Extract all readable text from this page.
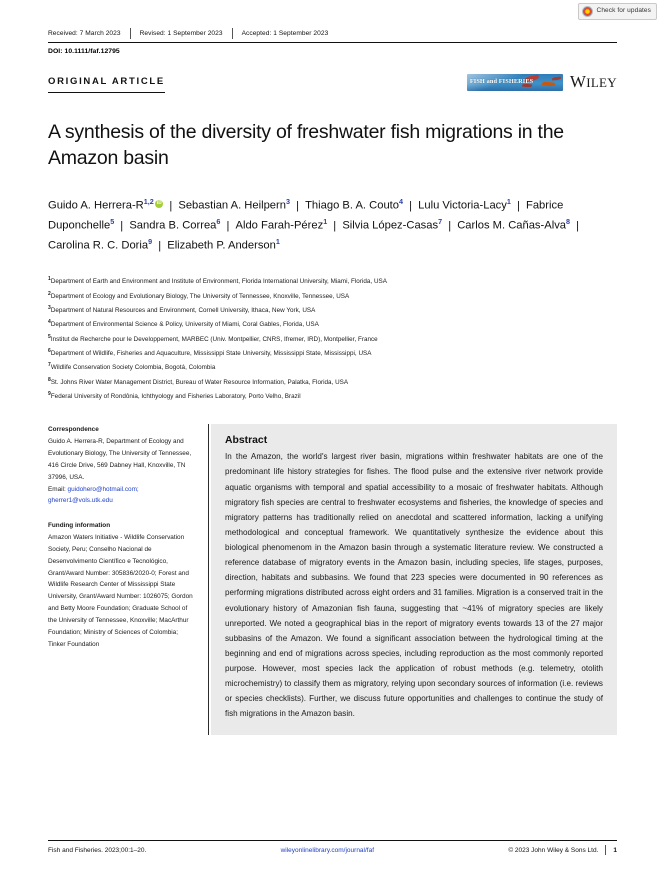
Check for updates
Received: 7 March 2023	Revised: 1 September 2023	Accepted: 1 September 2023
DOI: 10.1111/faf.12795
ORIGINAL ARTICLE	FISH and FISHERIES WILEY
A synthesis of the diversity of freshwater fish migrations in the Amazon basin
Guido A. Herrera-$R^{1,2}iD$ | Sebastian A. Heilpern$^3$ | Thiago B. A. Couto$^4$ | Lulu Victoria-Lacy$^1$ | Fabrice Duponchelle$^5$ | Sandra B. Correa$^6$ | Aldo Farah-Pérez$^1$ | Silvia López-Casas$^7$ | Carlos M. Cañas-Alva$^8$ | Carolina R. C. Doria$^9$ | Elizabeth P. Anderson$^1$
$^1$Department of Earth and Environment and Institute of Environment, Florida International University, Miami, Florida, USA
$^2$Department of Ecology and Evolutionary Biology, The University of Tennessee, Knoxville, Tennessee, USA
$^3$Department of Natural Resources and Environment, Cornell University, Ithaca, New York, USA
$^4$Department of Environmental Science & Policy, University of Miami, Coral Gables, Florida, USA
$^5$Institut de Recherche pour le Developpement, MARBEC (Univ. Montpellier, CNRS, Ifremer, IRD), Montpellier, France
$^6$Department of Wildlife, Fisheries and Aquaculture, Mississippi State University, Mississippi State, Mississippi, USA
$^7$Wildlife Conservation Society Colombia, Bogotá, Colombia
$^8$St. Johns River Water Management District, Bureau of Water Resource Information, Palatka, Florida, USA
$^9$Federal University of Rondônia, Ichthyology and Fisheries Laboratory, Porto Velho, Brazil
Correspondence

Guido A. Herrera-R, Department of Ecology and Evolutionary Biology, The University of Tennessee, 416 Circle Drive, 569 Dabney Hall, Knoxville, TN 37996, USA.

Email: guidohero@hotmail.com; gherrer1@vols.utk.edu

Funding information

Amazon Waters Initiative - Wildlife Conservation Society, Peru; Conselho Nacional de Desenvolvimento Científico e Tecnológico, Grant/Award Number: 305836/2020-0; Forest and Wildlife Research Center of Mississippi State University, Grant/Award Number: 1026075; Gordon and Betty Moore Foundation; Graduate School of the University of Tennessee, Knoxville; MacArthur Foundation; Ministry of Sciences of Colombia; Tinker Foundation

Abstract

In the Amazon, the world's largest river basin, migrations within freshwater habitats are one of the predominant life history strategies for fishes. The flood pulse and the extensive river network provide aquatic organisms with temporal and spatial accessibility to a mosaic of freshwater habitats. Although migratory fish species are central to freshwater ecosystems and fisheries, the knowledge of species and migratory patterns has traditionally relied on anecdotal and scattered information, lacking a unifying methodological and conceptual framework. We quantitatively synthesize the evidence about this biological phenomenom in the Amazon basin through a systematic literature review. We constructed a reference database of migratory events in the Amazon basin, including species, life stages, purposes, direction, habitats and subbasins. We found that 223 species were documented in 90 references as performing migrations distributed across eight orders and 31 families. Migration is a conserved trait in the evolutionary history of Amazonian fish fauna, suggesting that ~41% of migratory species are likely unreported. We noted a geographical bias in the report of migratory events towards 13 of the 27 major subbasins of the Amazon. We found a significant association between the hydrological timing at the beginning and end of migrations across species, including reproduction as the most commonly reported purpose. However, most species lack the application of robust methods (e.g. telemetry, otolith microchemistry) to classify them as migratory, relying upon secondary sources of information (i.e. reviews or species checklists). Further, we discuss future opportunities and challenges to continue the study of fish migrations in the Amazon basin.

Fish and Fisheries. 2023;00:1–20.	wileyonlinelibrary.com/journal/faf	© 2023 John Wiley & Sons Ltd. 1
